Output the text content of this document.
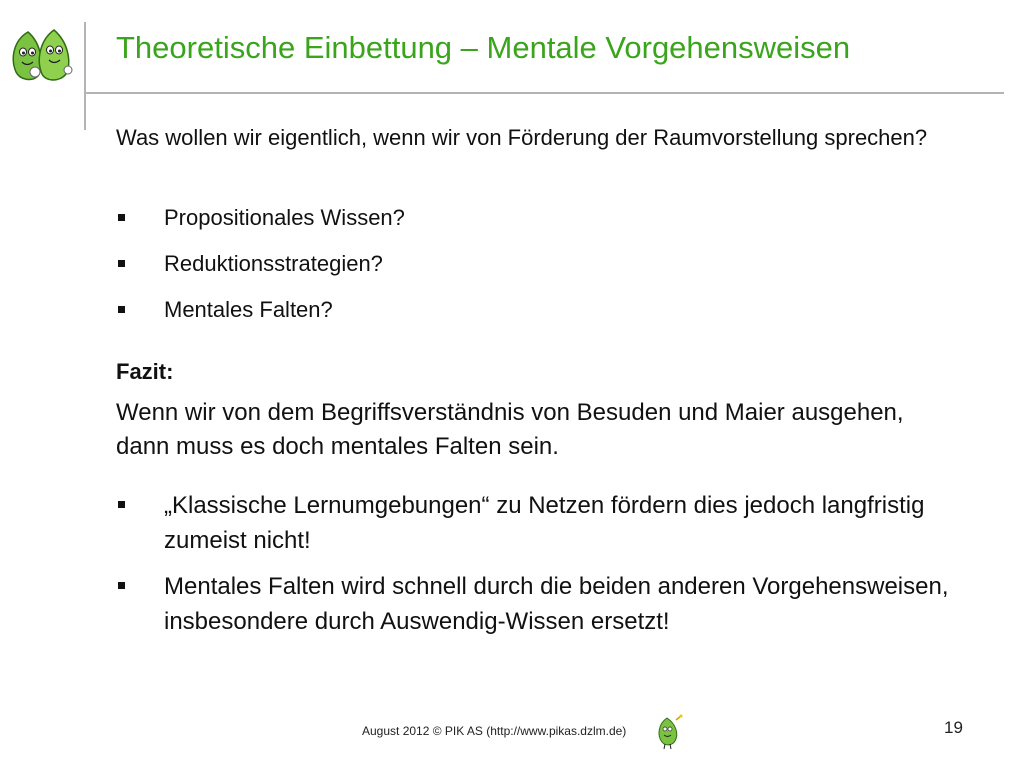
Theoretische Einbettung – Mentale Vorgehensweisen

Was wollen wir eigentlich, wenn wir von Förderung der Raumvorstellung sprechen?

Propositionales Wissen?
Reduktionsstrategien?
Mentales Falten?

Fazit:

Wenn wir von dem Begriffsverständnis von Besuden und Maier ausgehen, dann muss es doch mentales Falten sein.

„Klassische Lernumgebungen“ zu Netzen fördern dies jedoch langfristig zumeist nicht!
Mentales Falten wird schnell durch die beiden anderen Vorgehensweisen, insbesondere durch Auswendig-Wissen ersetzt!

August 2012 © PIK AS (http://www.pikas.dzlm.de)	19
